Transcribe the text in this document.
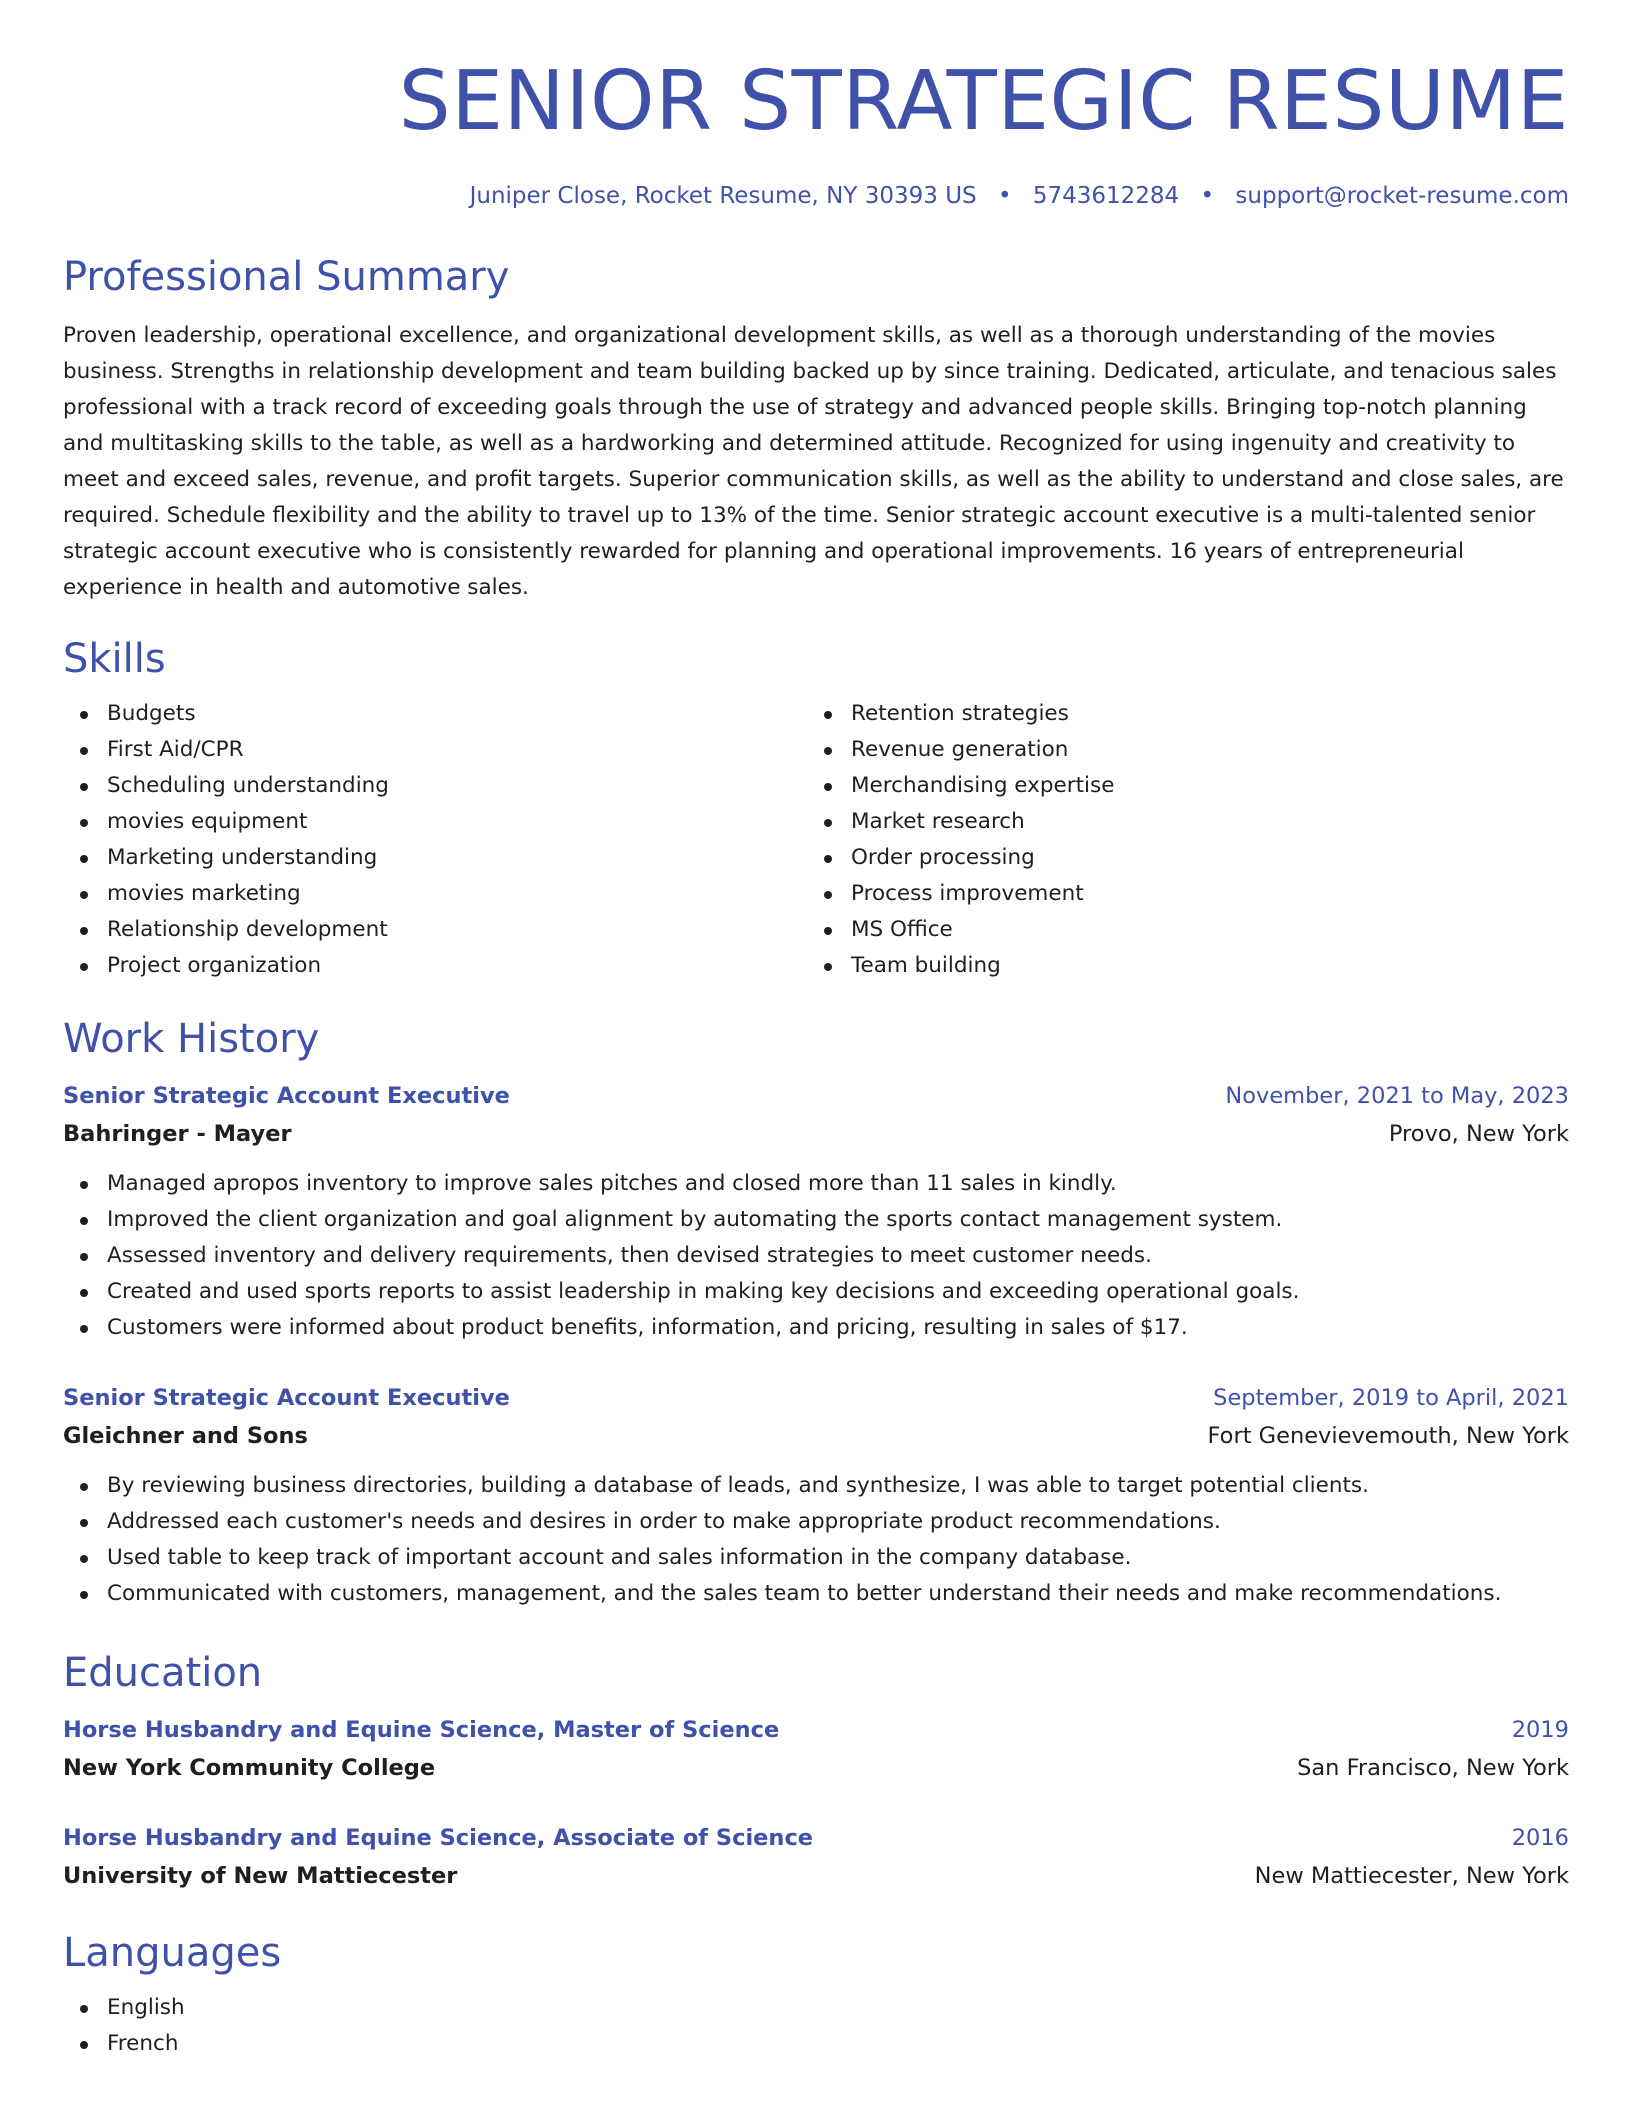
SENIOR STRATEGIC RESUME
Juniper Close, Rocket Resume, NY 30393 US • 5743612284 • support@rocket-resume.com
Professional Summary
Proven leadership, operational excellence, and organizational development skills, as well as a thorough understanding of the movies business. Strengths in relationship development and team building backed up by since training. Dedicated, articulate, and tenacious sales professional with a track record of exceeding goals through the use of strategy and advanced people skills. Bringing top-notch planning and multitasking skills to the table, as well as a hardworking and determined attitude. Recognized for using ingenuity and creativity to meet and exceed sales, revenue, and profit targets. Superior communication skills, as well as the ability to understand and close sales, are required. Schedule flexibility and the ability to travel up to 13% of the time. Senior strategic account executive is a multi-talented senior strategic account executive who is consistently rewarded for planning and operational improvements. 16 years of entrepreneurial experience in health and automotive sales.
Skills
Budgets
First Aid/CPR
Scheduling understanding
movies equipment
Marketing understanding
movies marketing
Relationship development
Project organization
Retention strategies
Revenue generation
Merchandising expertise
Market research
Order processing
Process improvement
MS Office
Team building
Work History
Senior Strategic Account Executive	November, 2021 to May, 2023
Bahringer - Mayer	Provo, New York
Managed apropos inventory to improve sales pitches and closed more than 11 sales in kindly.
Improved the client organization and goal alignment by automating the sports contact management system.
Assessed inventory and delivery requirements, then devised strategies to meet customer needs.
Created and used sports reports to assist leadership in making key decisions and exceeding operational goals.
Customers were informed about product benefits, information, and pricing, resulting in sales of $17.
Senior Strategic Account Executive	September, 2019 to April, 2021
Gleichner and Sons	Fort Genevievemouth, New York
By reviewing business directories, building a database of leads, and synthesize, I was able to target potential clients.
Addressed each customer's needs and desires in order to make appropriate product recommendations.
Used table to keep track of important account and sales information in the company database.
Communicated with customers, management, and the sales team to better understand their needs and make recommendations.
Education
Horse Husbandry and Equine Science, Master of Science	2019
New York Community College	San Francisco, New York
Horse Husbandry and Equine Science, Associate of Science	2016
University of New Mattiecester	New Mattiecester, New York
Languages
English
French
